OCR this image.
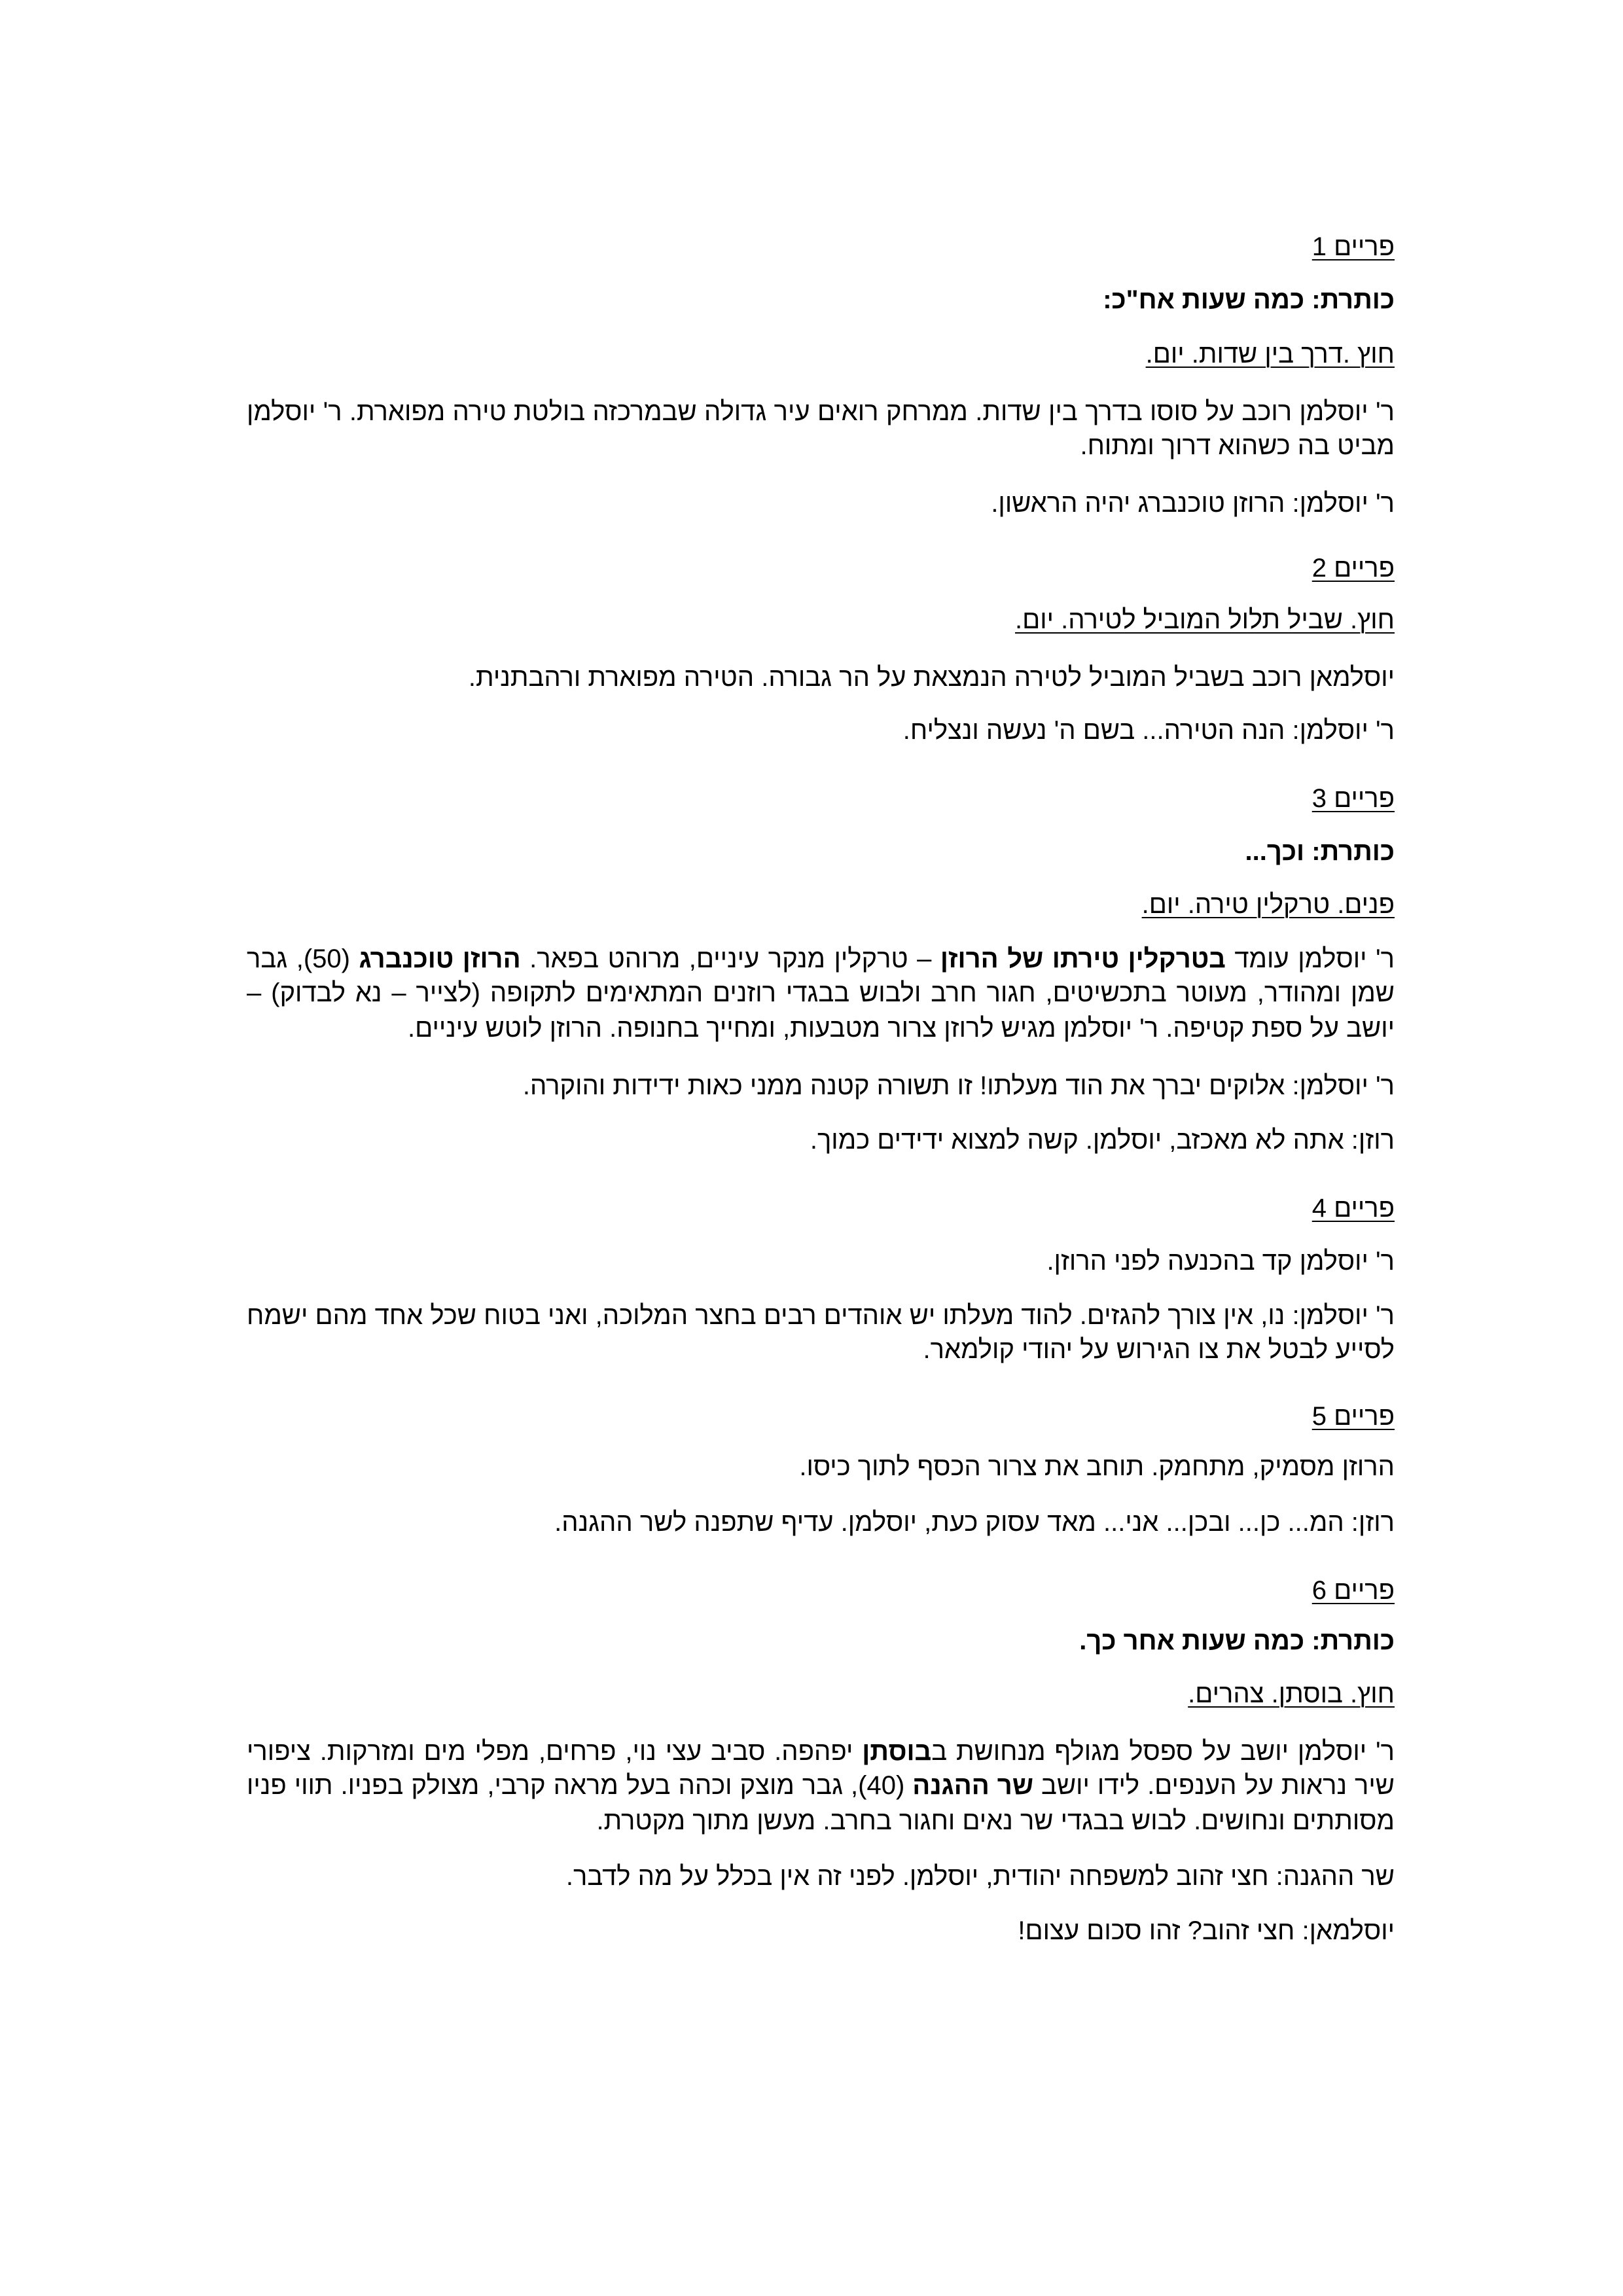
פריים 1
כותרת: כמה שעות אח"כ:
חוץ .דרך בין שדות. יום.
ר' יוסלמן רוכב על סוסו בדרך בין שדות. ממרחק רואים עיר גדולה שבמרכזה בולטת טירה מפוארת. ר' יוסלמן
מביט בה כשהוא דרוך ומתוח.
ר' יוסלמן: הרוזן טוכנברג יהיה הראשון.
פריים 2
חוץ. שביל תלול המוביל לטירה. יום.
יוסלמאן רוכב בשביל המוביל לטירה הנמצאת על הר גבורה. הטירה מפוארת ורהבתנית.
ר' יוסלמן: הנה הטירה... בשם ה' נעשה ונצליח.
פריים 3
כותרת: וכך...
פנים. טרקלין טירה. יום.
ר' יוסלמן עומד בטרקלין טירתו של הרוזן – טרקלין מנקר עיניים, מרוהט בפאר. הרוזן טוכנברג (50), גבר
שמן ומהודר, מעוטר בתכשיטים, חגור חרב ולבוש בבגדי רוזנים המתאימים לתקופה (לצייר – נא לבדוק) –
יושב על ספת קטיפה. ר' יוסלמן מגיש לרוזן צרור מטבעות, ומחייך בחנופה. הרוזן לוטש עיניים.
ר' יוסלמן: אלוקים יברך את הוד מעלתו! זו תשורה קטנה ממני כאות ידידות והוקרה.
רוזן: אתה לא מאכזב, יוסלמן. קשה למצוא ידידים כמוך.
פריים 4
ר' יוסלמן קד בהכנעה לפני הרוזן.
ר' יוסלמן: נו, אין צורך להגזים. להוד מעלתו יש אוהדים רבים בחצר המלוכה, ואני בטוח שכל אחד מהם ישמח
לסייע לבטל את צו הגירוש על יהודי קולמאר.
פריים 5
הרוזן מסמיק, מתחמק. תוחב את צרור הכסף לתוך כיסו.
רוזן: המ... כן... ובכן... אני... מאד עסוק כעת, יוסלמן. עדיף שתפנה לשר ההגנה.
פריים 6
כותרת: כמה שעות אחר כך.
חוץ. בוסתן. צהרים.
ר' יוסלמן יושב על ספסל מגולף מנחושת בבוסתן יפהפה. סביב עצי נוי, פרחים, מפלי מים ומזרקות. ציפורי
שיר נראות על הענפים. לידו יושב שר ההגנה (40), גבר מוצק וכהה בעל מראה קרבי, מצולק בפניו. תווי פניו
מסותתים ונחושים. לבוש בבגדי שר נאים וחגור בחרב. מעשן מתוך מקטרת.
שר ההגנה: חצי זהוב למשפחה יהודית, יוסלמן. לפני זה אין בכלל על מה לדבר.
יוסלמאן: חצי זהוב? זהו סכום עצום!
